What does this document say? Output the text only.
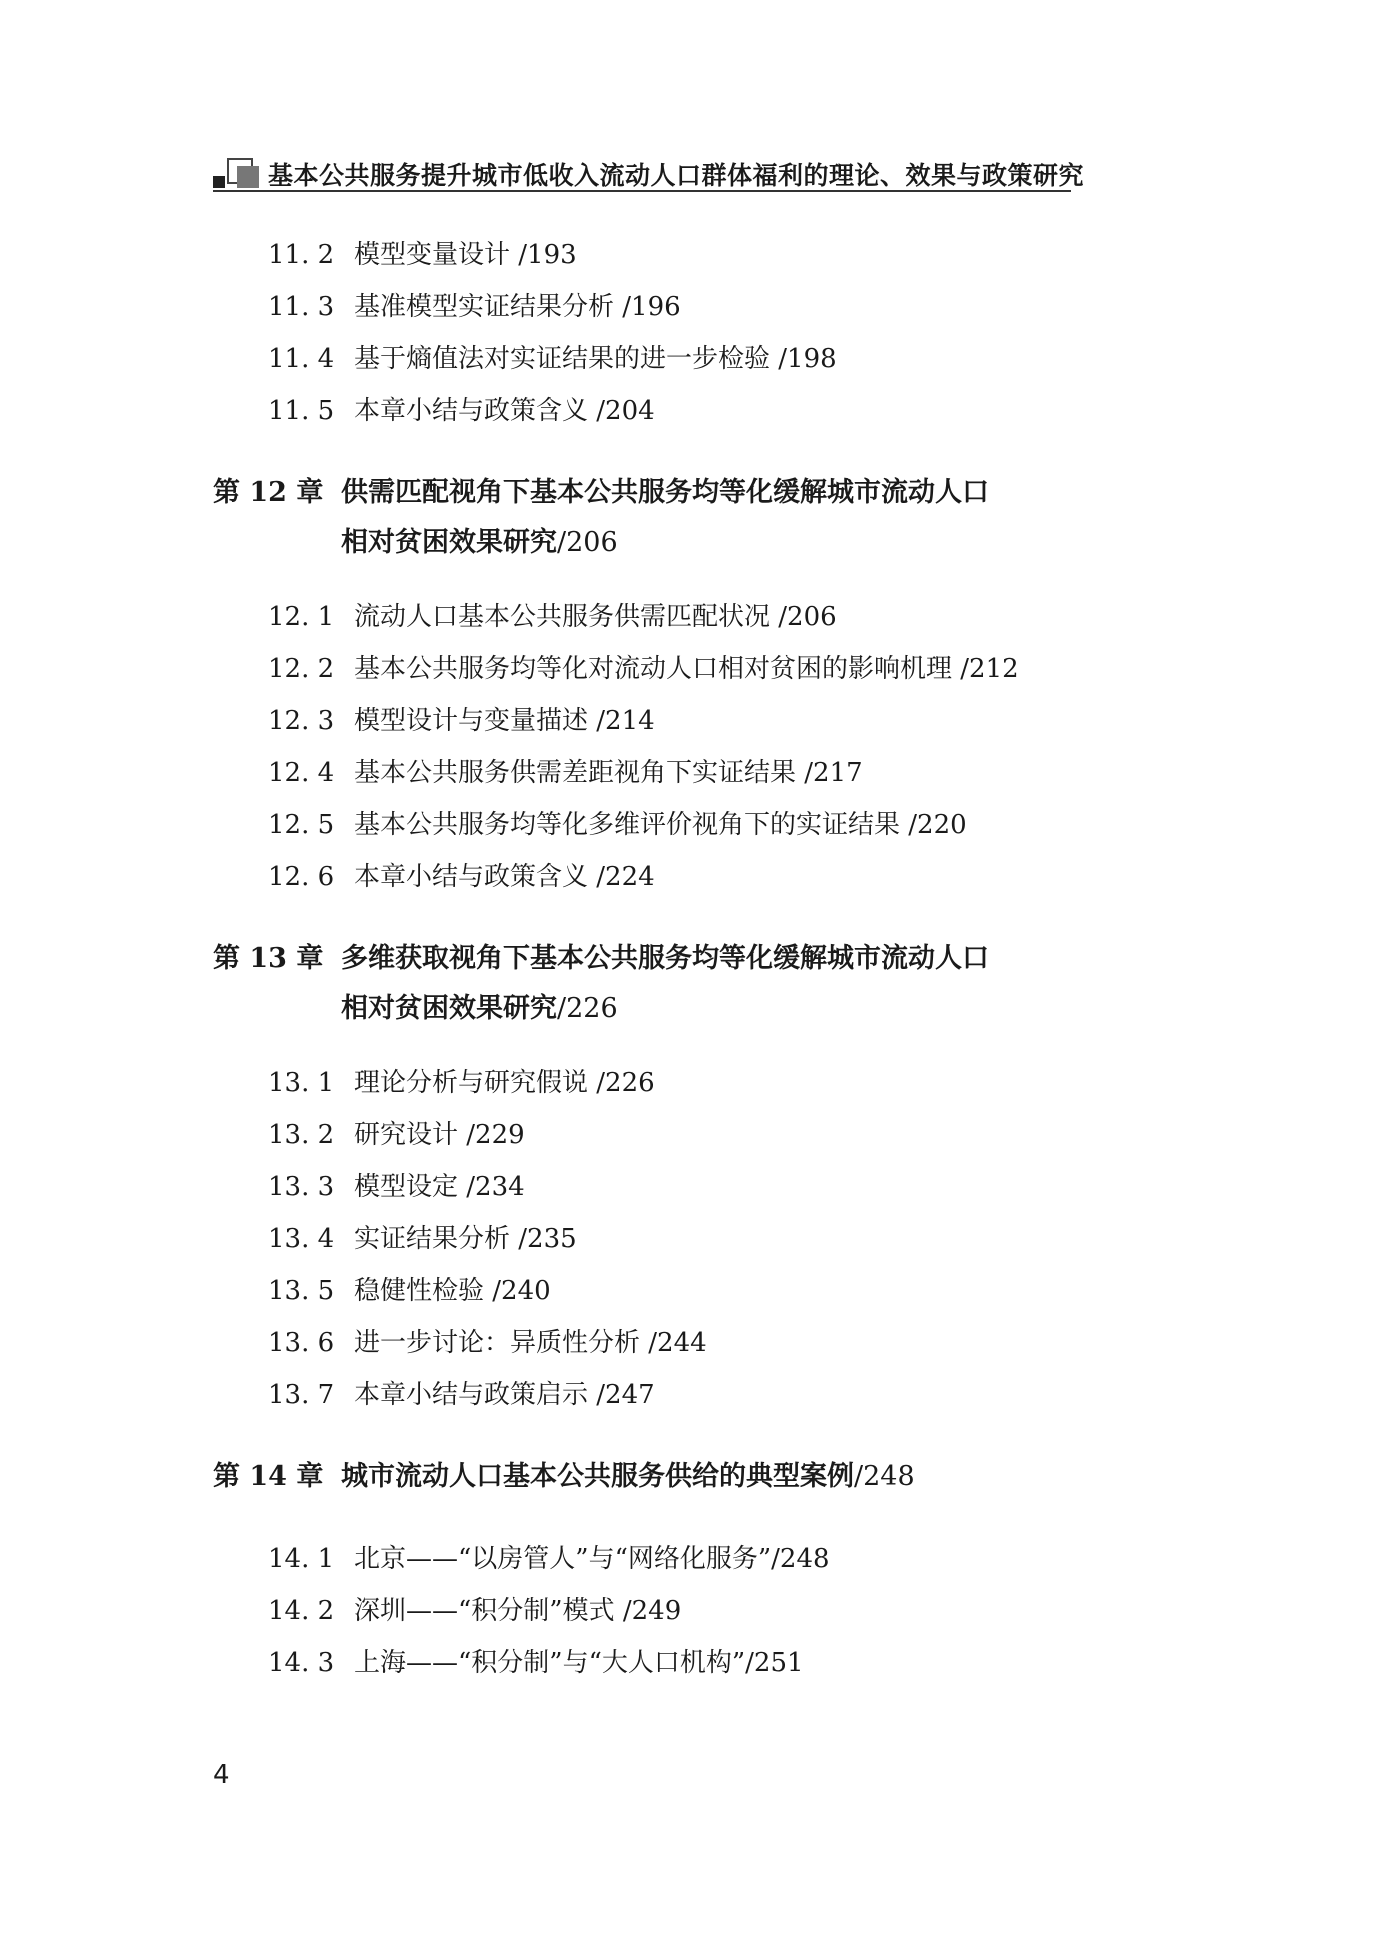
基本公共服务提升城市低收入流动人口群体福利的理论、效果与政策研究
11. 2 模型变量设计 /193
11. 3 基准模型实证结果分析 /196
11. 4 基于熵值法对实证结果的进一步检验 /198
11. 5 本章小结与政策含义 /204
第 12 章 供需匹配视角下基本公共服务均等化缓解城市流动人口
相对贫困效果研究/206
12. 1 流动人口基本公共服务供需匹配状况 /206
12. 2 基本公共服务均等化对流动人口相对贫困的影响机理 /212
12. 3 模型设计与变量描述 /214
12. 4 基本公共服务供需差距视角下实证结果 /217
12. 5 基本公共服务均等化多维评价视角下的实证结果 /220
12. 6 本章小结与政策含义 /224
第 13 章 多维获取视角下基本公共服务均等化缓解城市流动人口
相对贫困效果研究/226
13. 1 理论分析与研究假说 /226
13. 2 研究设计 /229
13. 3 模型设定 /234
13. 4 实证结果分析 /235
13. 5 稳健性检验 /240
13. 6 进一步讨论：异质性分析 /244
13. 7 本章小结与政策启示 /247
第 14 章 城市流动人口基本公共服务供给的典型案例/248
14. 1 北京——“以房管人”与“网络化服务”/248
14. 2 深圳——“积分制”模式 /249
14. 3 上海——“积分制”与“大人口机构”/251
4
